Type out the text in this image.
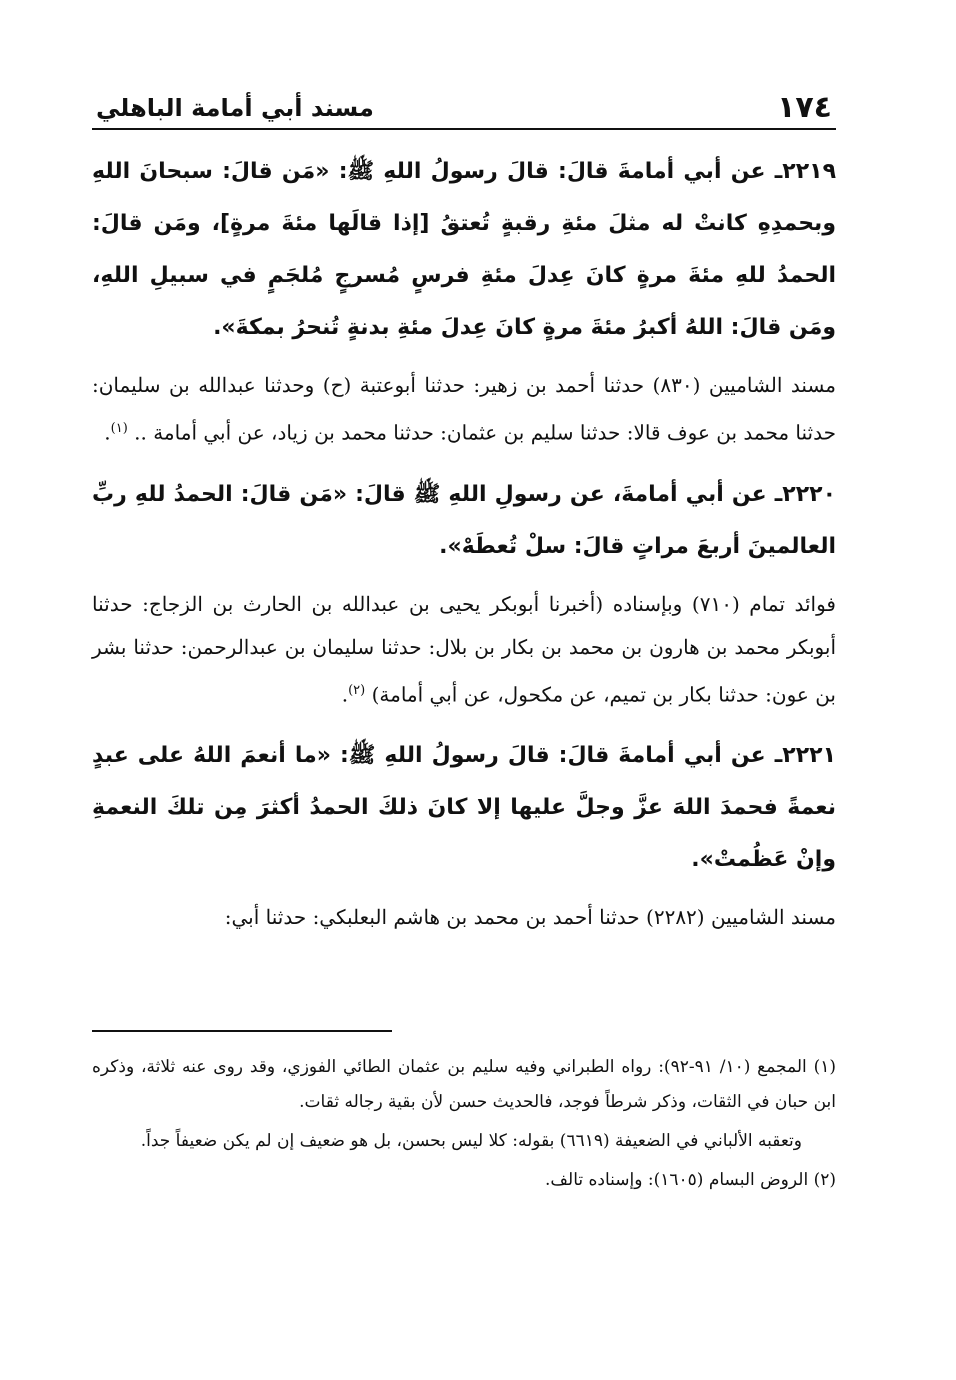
١٧٤
مسند أبي أمامة الباهلي

٢٢١٩ـ عن أبي أمامةَ قالَ: قالَ رسولُ اللهِ ﷺ: «مَن قالَ: سبحانَ اللهِ وبحمدِهِ كانتْ له مثلَ مئةِ رقبةٍ تُعتقُ [إذا قالَها مئةَ مرةٍ]، ومَن قالَ: الحمدُ للهِ مئةَ مرةٍ كانَ عِدلَ مئةِ فرسٍ مُسرجٍ مُلجَمٍ في سبيلِ اللهِ، ومَن قالَ: اللهُ أكبرُ مئةَ مرةٍ كانَ عِدلَ مئةِ بدنةٍ تُنحرُ بمكةَ».

مسند الشاميين (٨٣٠) حدثنا أحمد بن زهير: حدثنا أبوعتبة (ح) وحدثنا عبدالله بن سليمان: حدثنا محمد بن عوف قالا: حدثنا سليم بن عثمان: حدثنا محمد بن زياد، عن أبي أمامة .. $^{(١)}$.

٢٢٢٠ـ عن أبي أمامةَ، عن رسولِ اللهِ ﷺ قالَ: «مَن قالَ: الحمدُ للهِ ربِّ العالمينَ أربعَ مراتٍ قالَ: سلْ تُعطَهْ».

فوائد تمام (٧١٠) وبإسناده (أخبرنا أبوبكر يحيى بن عبدالله بن الحارث بن الزجاج: حدثنا أبوبكر محمد بن هارون بن محمد بن بكار بن بلال: حدثنا سليمان بن عبدالرحمن: حدثنا بشر بن عون: حدثنا بكار بن تميم، عن مكحول، عن أبي أمامة) $^{(٢)}$.

٢٢٢١ـ عن أبي أمامةَ قالَ: قالَ رسولُ اللهِ ﷺ: «ما أنعمَ اللهُ على عبدٍ نعمةً فحمدَ اللهَ عزَّ وجلَّ عليها إلا كانَ ذلكَ الحمدُ أكثرَ مِن تلكَ النعمةِ وإنْ عَظُمتْ».

مسند الشاميين (٢٢٨٢) حدثنا أحمد بن محمد بن هاشم البعلبكي: حدثنا أبي:

(١) المجمع (١٠/ ٩١-٩٢): رواه الطبراني وفيه سليم بن عثمان الطائي الفوزي، وقد روى عنه ثلاثة، وذكره ابن حبان في الثقات، وذكر شرطاً فوجد، فالحديث حسن لأن بقية رجاله ثقات.

وتعقبه الألباني في الضعيفة (٦٦١٩) بقوله: كلا ليس بحسن، بل هو ضعيف إن لم يكن ضعيفاً جداً.

(٢) الروض البسام (١٦٠٥): وإسناده تالف.
